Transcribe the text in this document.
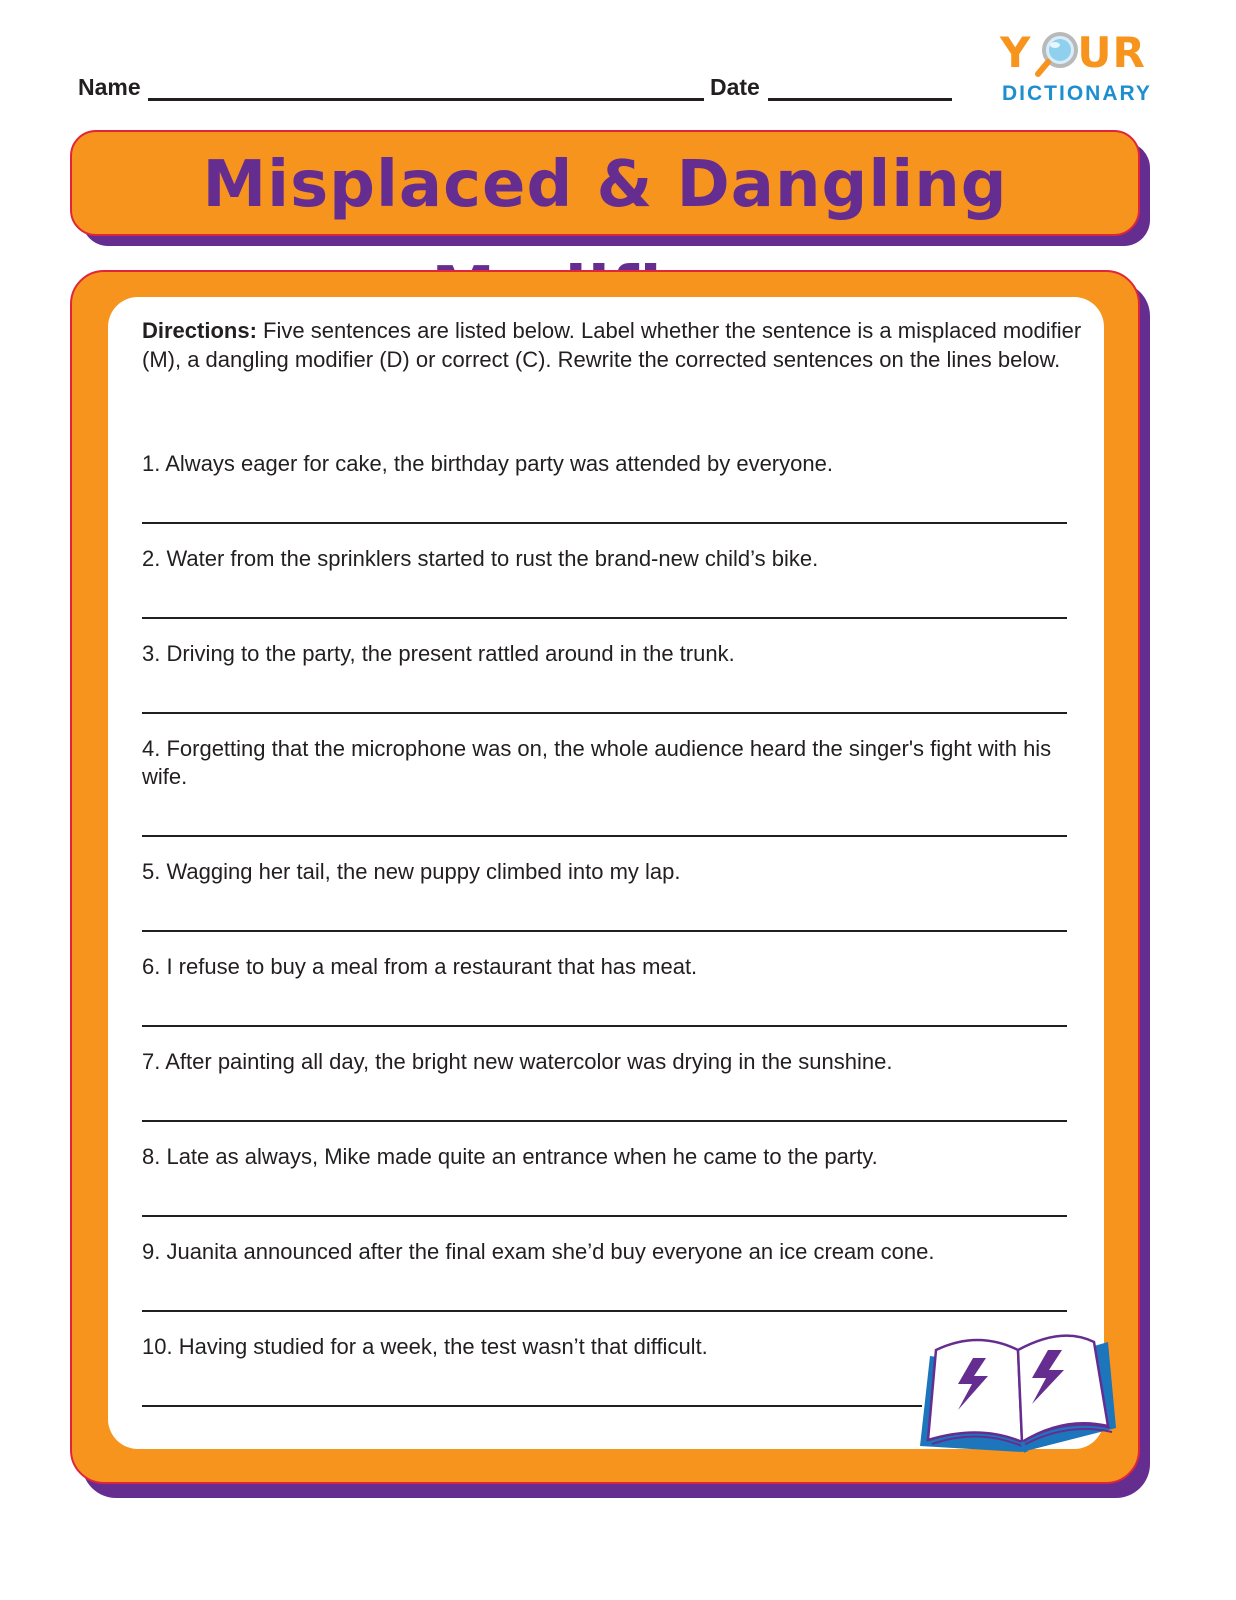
Name	Date
Y UR
DICTIONARY
Misplaced & Dangling
Directions: Five sentences are listed below. Label whether the sentence is a misplaced modifier (M), a dangling modifier (D) or correct (C). Rewrite the corrected sentences on the lines below.
1. Always eager for cake, the birthday party was attended by everyone.
2. Water from the sprinklers started to rust the brand-new child’s bike.
3. Driving to the party, the present rattled around in the trunk.
4. Forgetting that the microphone was on, the whole audience heard the singer's fight with his wife.
5. Wagging her tail, the new puppy climbed into my lap.
6. I refuse to buy a meal from a restaurant that has meat.
7. After painting all day, the bright new watercolor was drying in the sunshine.
8. Late as always, Mike made quite an entrance when he came to the party.
9. Juanita announced after the final exam she’d buy everyone an ice cream cone.
10. Having studied for a week, the test wasn’t that difficult.
